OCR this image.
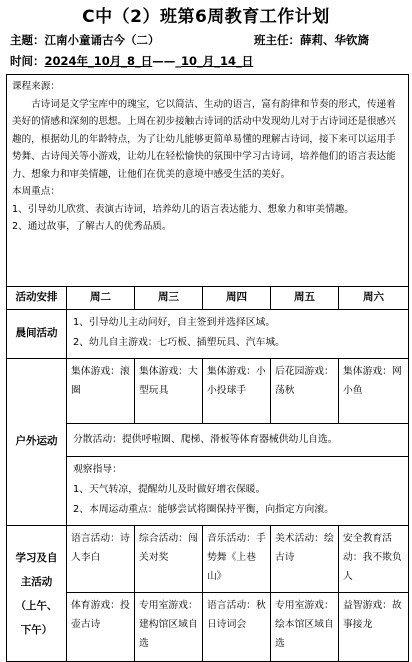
C中（2）班第6周教育工作计划
主题：江南小童诵古今（二）	班主任：薛莉、华钦旖
时间：2024年_10月_8_日——_10_月_14_日

课程来源：

古诗词是文学宝库中的瑰宝，它以简洁、生动的语言，富有韵律和节奏的形式，传递着美好的情感和深刻的思想。上周在初步接触古诗词的活动中发现幼儿对于古诗词还是很感兴趣的，根据幼儿的年龄特点，为了让幼儿能够更简单易懂的理解古诗词，接下来可以运用手势舞、古诗闯关等小游戏，让幼儿在轻松愉快的氛围中学习古诗词，培养他们的语言表达能力、想象力和审美情趣，让他们在优美的意境中感受生活的美好。

本周重点：

1、引导幼儿欣赏、表演古诗词，培养幼儿的语言表达能力、想象力和审美情趣。

2、通过故事，了解古人的优秀品质。					

活动安排	周二	周三	周四	周五	周六
晨间活动	1、引导幼儿主动问好，自主签到并选择区域。
2、幼儿自主游戏：七巧板、插塑玩具、汽车城。				

户外运动	集体游戏：滚圈	集体游戏：大型玩具	集体游戏：小小投球手	后花园游戏：荡秋	集体游戏：网小鱼
	分散活动：提供呼啦圈、爬梯、滑板等体育器械供幼儿自选。				

	观察指导：
1、天气转凉，提醒幼儿及时做好增衣保暖。
2、本周运动重点：能够尝试将圈保持平衡，向指定方向滚。				

学习及自
主活动
（上午、
下午）	语言活动：诗人李白	综合活动：闯关对奖	音乐活动：手势舞《上巷山》	美术活动：绘古诗	安全教育活动：我不欺负人
	体育游戏：投壶古诗	专用室游戏：建构馆区域自选	语言活动：秋日诗词会	专用室游戏：绘本馆区域自选	益智游戏：故事接龙
